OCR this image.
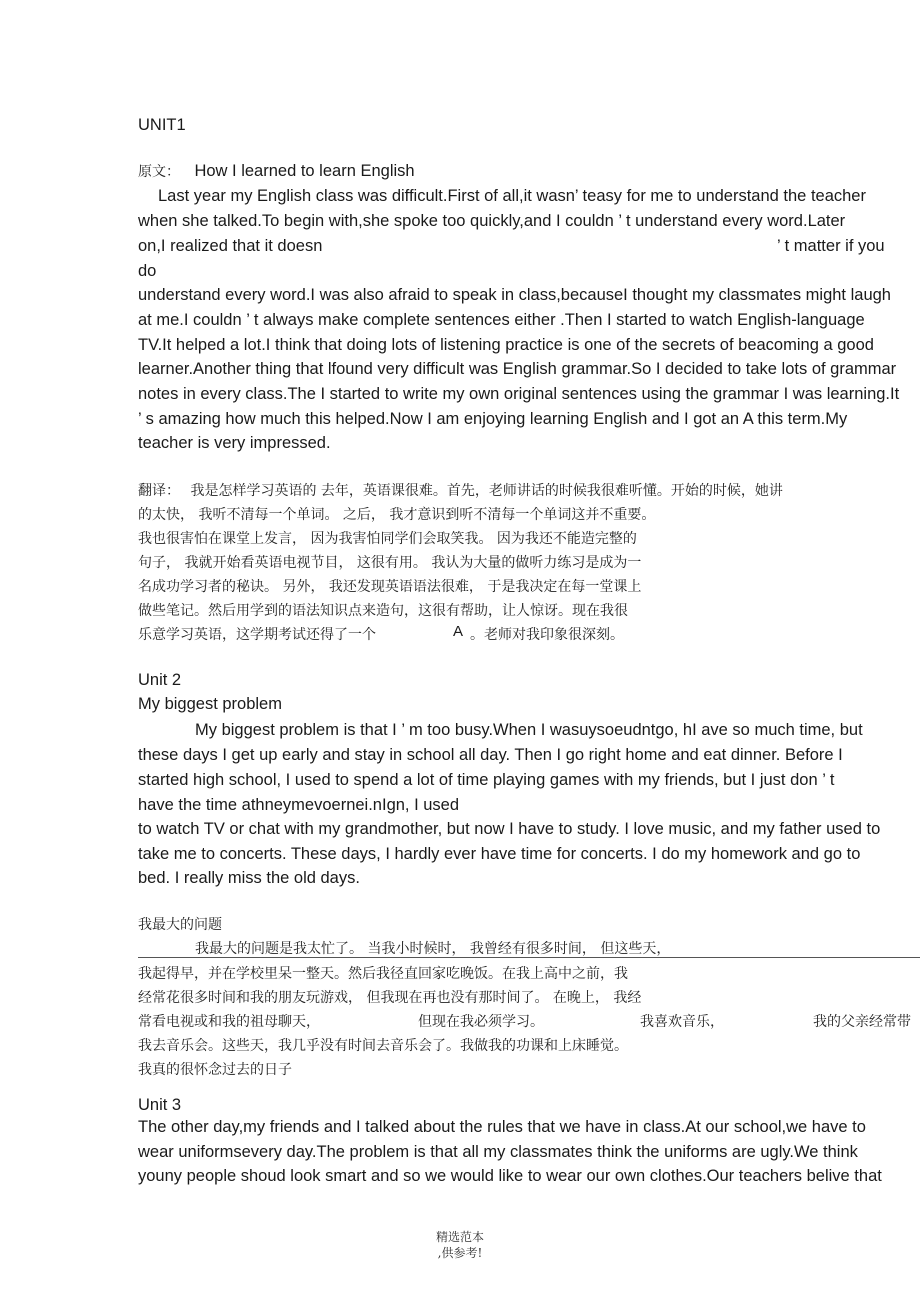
UNIT1
原文： How I learned to learn English
Last year my English class was difficult.First of all,it wasn’ teasy for me to understand the teacher
when she talked.To begin with,she spoke too quickly,and I couldn ’ t understand every word.Later
on,I realized that it doesn	’ t matter if you
do
understand every word.I was also afraid to speak in class,becauseI thought my classmates might laugh
at me.I couldn ’ t always make complete sentences either .Then I started to watch English-language
TV.It helped a lot.I think that doing lots of listening practice is one of the secrets of beacoming a good
learner.Another thing that lfound very difficult was English grammar.So I decided to take lots of grammar
notes in every class.The I started to write my own original sentences using the grammar I was learning.It
’ s amazing how much this helped.Now I am enjoying learning English and I got an A this term.My
teacher is very impressed.
翻译： 我是怎样学习英语的 去年，英语课很难。首先，老师讲话的时候我很难听懂。开始的时候，她讲
的太快， 我听不清每一个单词。 之后， 我才意识到听不清每一个单词这并不重要。
我也很害怕在课堂上发言， 因为我害怕同学们会取笑我。 因为我还不能造完整的
句子， 我就开始看英语电视节目， 这很有用。 我认为大量的做听力练习是成为一
名成功学习者的秘诀。 另外， 我还发现英语语法很难， 于是我决定在每一堂课上
做些笔记。然后用学到的语法知识点来造句，这很有帮助，让人惊讶。现在我很
乐意学习英语，这学期考试还得了一个	A 。老师对我印象很深刻。
Unit 2
My biggest problem
My biggest problem is that I ’ m too busy.When I wasuysoeudntgo, hI ave so much time, but
these days I get up early and stay in school all day. Then I go right home and eat dinner. Before I
started high school, I used to spend a lot of time playing games with my friends, but I just don ’ t
have the time athneymevoernei.nIgn, I used
to watch TV or chat with my grandmother, but now I have to study. I love music, and my father used to
take me to concerts. These days, I hardly ever have time for concerts. I do my homework and go to
bed. I really miss the old days.
我最大的问题
我最大的问题是我太忙了。 当我小时候时， 我曾经有很多时间， 但这些天，
我起得早，并在学校里呆一整天。然后我径直回家吃晚饭。在我上高中之前，我
经常花很多时间和我的朋友玩游戏， 但我现在再也没有那时间了。 在晚上， 我经
常看电视或和我的祖母聊天，	但现在我必须学习。	我喜欢音乐，	我的父亲经常带
我去音乐会。这些天，我几乎没有时间去音乐会了。我做我的功课和上床睡觉。
我真的很怀念过去的日子
Unit 3
The other day,my friends and I talked about the rules that we have in class.At our school,we have to
wear uniformsevery day.The problem is that all my classmates think the uniforms are ugly.We think
youny people shoud look smart and so we would like to wear our own clothes.Our teachers belive that
精选范本
,供参考!
